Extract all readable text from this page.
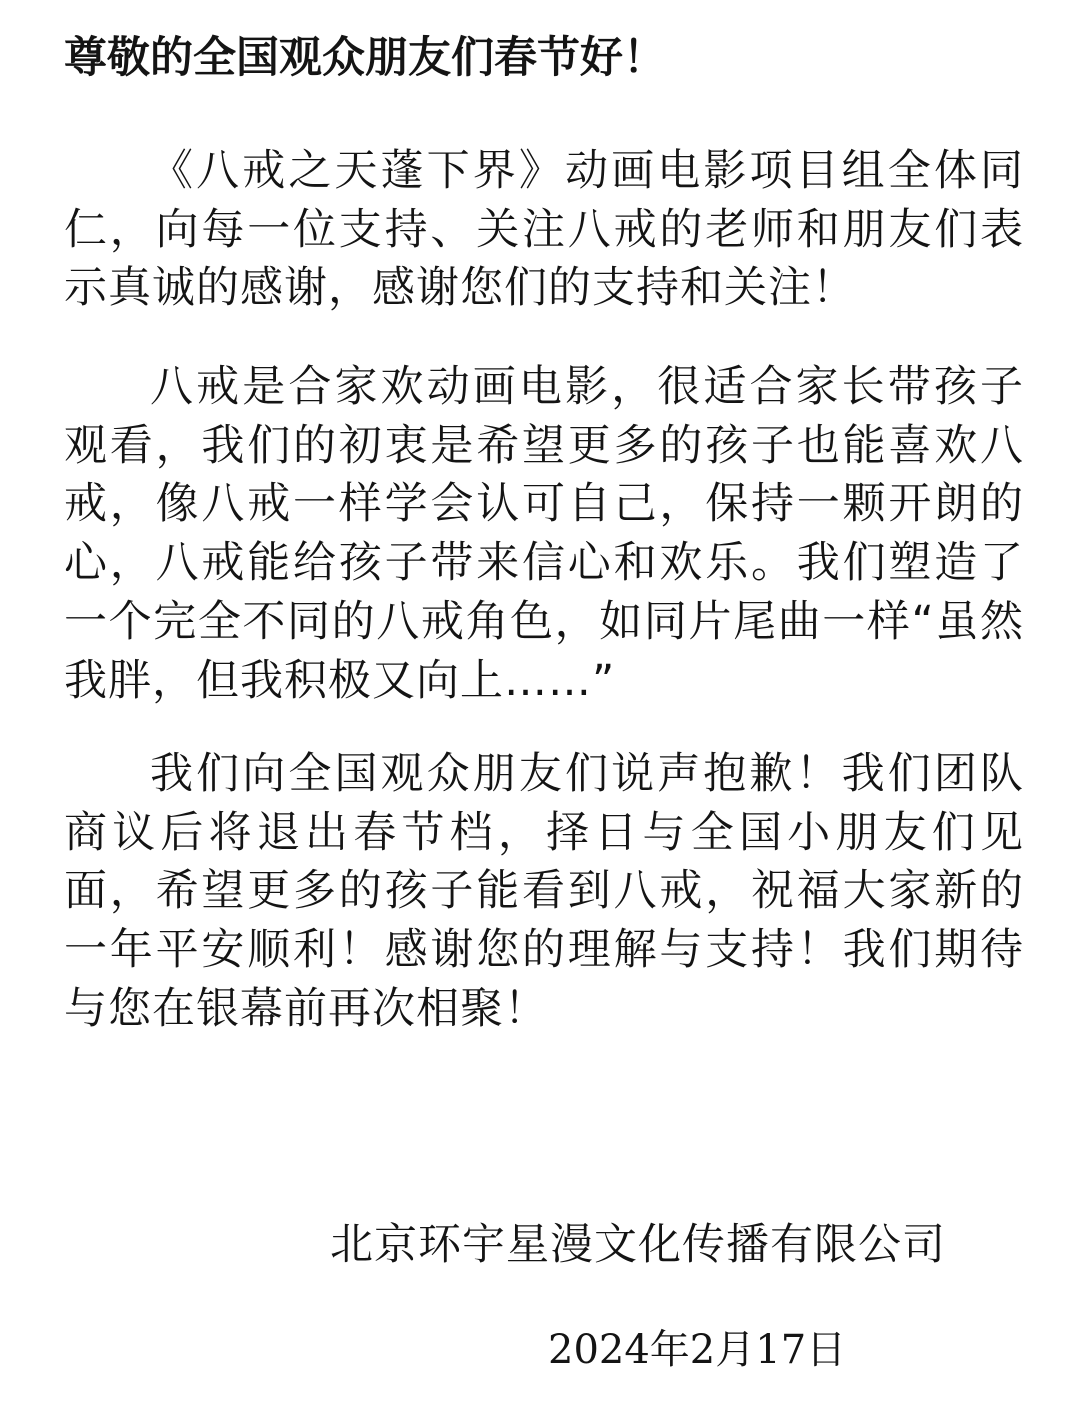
尊敬的全国观众朋友们春节好！

《八戒之天蓬下界》动画电影项目组全体同仁，向每一位支持、关注八戒的老师和朋友们表示真诚的感谢，感谢您们的支持和关注！

八戒是合家欢动画电影，很适合家长带孩子观看，我们的初衷是希望更多的孩子也能喜欢八戒，像八戒一样学会认可自己，保持一颗开朗的心，八戒能给孩子带来信心和欢乐。我们塑造了一个完全不同的八戒角色，如同片尾曲一样“虽然我胖，但我积极又向上……”

我们向全国观众朋友们说声抱歉！我们团队商议后将退出春节档，择日与全国小朋友们见面，希望更多的孩子能看到八戒，祝福大家新的一年平安顺利！感谢您的理解与支持！我们期待与您在银幕前再次相聚！

北京环宇星漫文化传播有限公司

2024年2月17日
